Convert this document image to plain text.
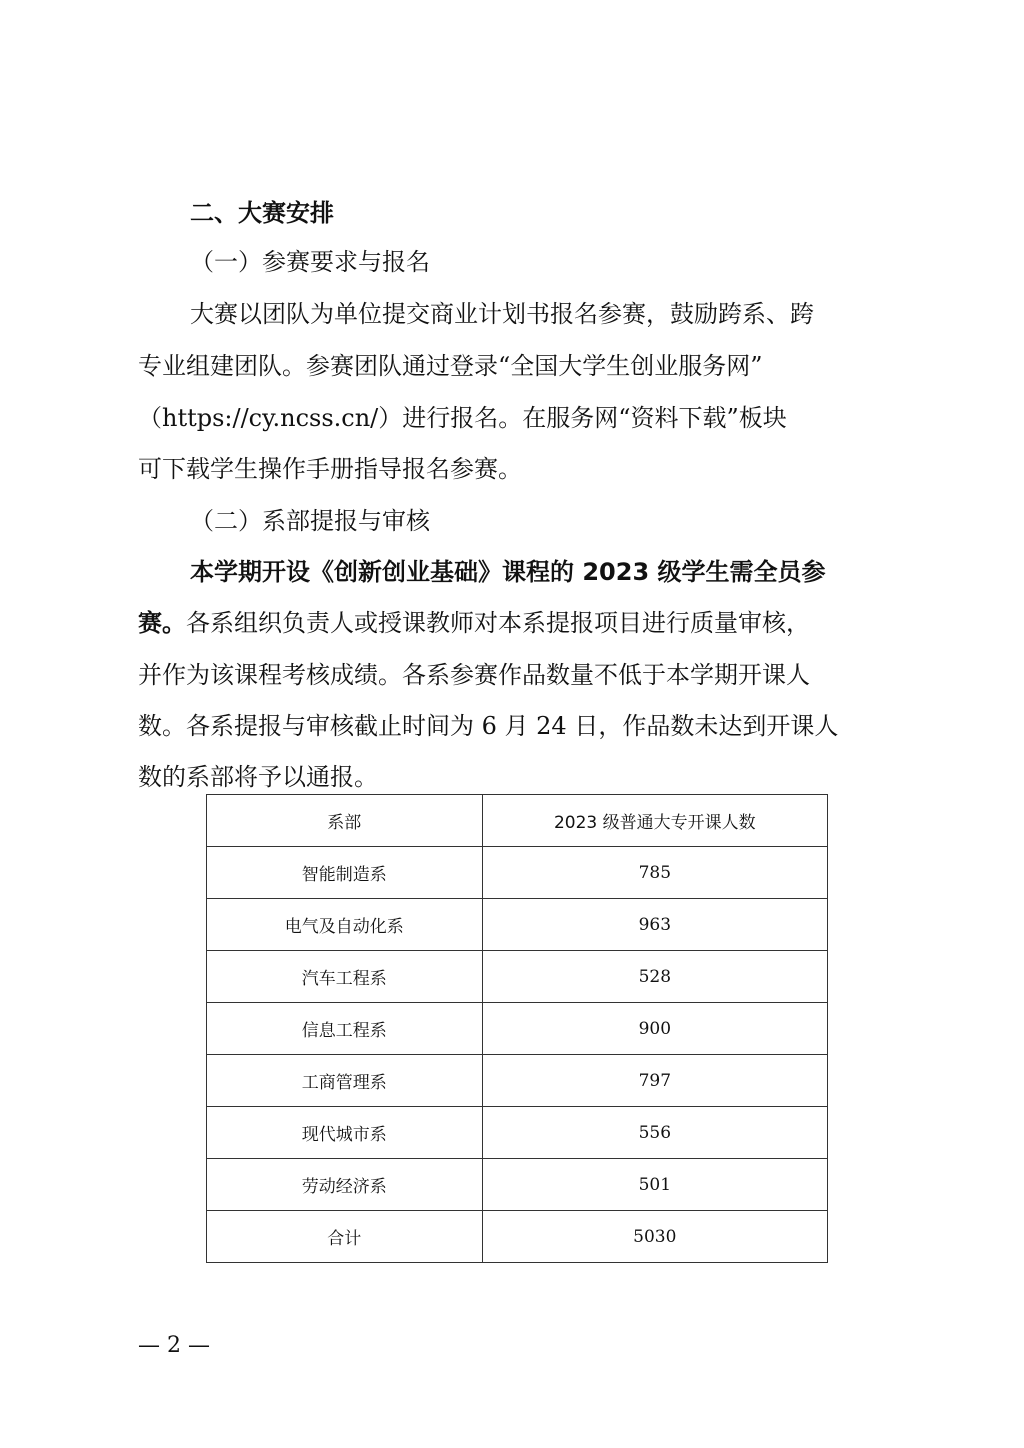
二、大赛安排
（一）参赛要求与报名
大赛以团队为单位提交商业计划书报名参赛，鼓励跨系、跨
专业组建团队。参赛团队通过登录“全国大学生创业服务网”
（https://cy.ncss.cn/）进行报名。在服务网“资料下载”板块
可下载学生操作手册指导报名参赛。
（二）系部提报与审核
本学期开设《创新创业基础》课程的 2023 级学生需全员参
赛。各系组织负责人或授课教师对本系提报项目进行质量审核，
并作为该课程考核成绩。各系参赛作品数量不低于本学期开课人
数。各系提报与审核截止时间为 6 月 24 日，作品数未达到开课人
数的系部将予以通报。
系部	2023 级普通大专开课人数
智能制造系	785
电气及自动化系	963
汽车工程系	528
信息工程系	900
工商管理系	797
现代城市系	556
劳动经济系	501
合计	5030
— 2 —
